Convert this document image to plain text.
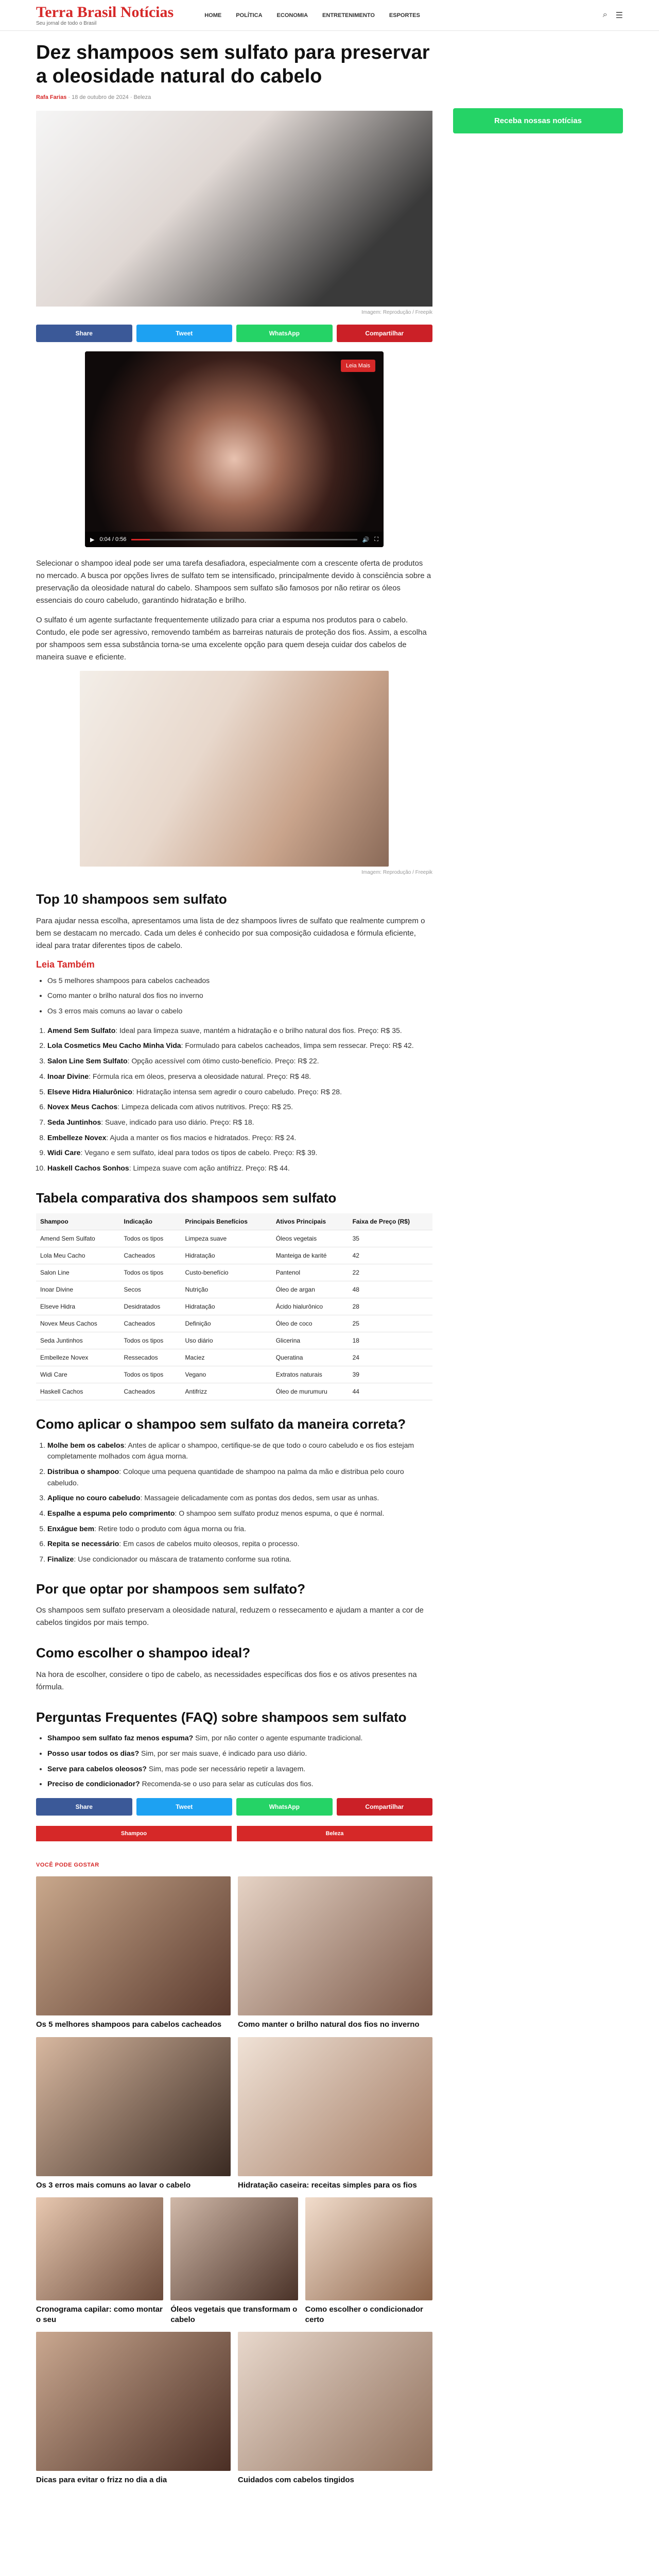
Terra Brasil Notícias
Seu jornal de todo o Brasil
HOME	POLÍTICA	ECONOMIA	ENTRETENIMENTO	ESPORTES	⌕ ☰
Dez shampoos sem sulfato para preservar a oleosidade natural do cabelo
Rafa Farias · 18 de outubro de 2024 · Beleza
Imagem: Reprodução / Freepik
Share	Tweet	WhatsApp	Compartilhar
Leia Mais
▶ 0:04 / 0:56	🔊 ⛶

Selecionar o shampoo ideal pode ser uma tarefa desafiadora, especialmente com a crescente oferta de produtos no mercado. A busca por opções livres de sulfato tem se intensificado, principalmente devido à consciência sobre a preservação da oleosidade natural do cabelo. Shampoos sem sulfato são famosos por não retirar os óleos essenciais do couro cabeludo, garantindo hidratação e brilho.

O sulfato é um agente surfactante frequentemente utilizado para criar a espuma nos produtos para o cabelo. Contudo, ele pode ser agressivo, removendo também as barreiras naturais de proteção dos fios. Assim, a escolha por shampoos sem essa substância torna-se uma excelente opção para quem deseja cuidar dos cabelos de maneira suave e eficiente.

Imagem: Reprodução / Freepik
Top 10 shampoos sem sulfato

Para ajudar nessa escolha, apresentamos uma lista de dez shampoos livres de sulfato que realmente cumprem o bem se destacam no mercado. Cada um deles é conhecido por sua composição cuidadosa e fórmula eficiente, ideal para tratar diferentes tipos de cabelo.

Leia Também
• Os 5 melhores shampoos para cabelos cacheados
• Como manter o brilho natural dos fios no inverno
• Os 3 erros mais comuns ao lavar o cabelo
1. Amend Sem Sulfato: Ideal para limpeza suave, mantém a hidratação e o brilho natural dos fios. Preço: R$ 35.
2. Lola Cosmetics Meu Cacho Minha Vida: Formulado para cabelos cacheados, limpa sem ressecar. Preço: R$ 42.
3. Salon Line Sem Sulfato: Opção acessível com ótimo custo-benefício. Preço: R$ 22.
4. Inoar Divine: Fórmula rica em óleos, preserva a oleosidade natural. Preço: R$ 48.
5. Elseve Hidra Hialurônico: Hidratação intensa sem agredir o couro cabeludo. Preço: R$ 28.
6. Novex Meus Cachos: Limpeza delicada com ativos nutritivos. Preço: R$ 25.
7. Seda Juntinhos: Suave, indicado para uso diário. Preço: R$ 18.
8. Embelleze Novex: Ajuda a manter os fios macios e hidratados. Preço: R$ 24.
9. Widi Care: Vegano e sem sulfato, ideal para todos os tipos de cabelo. Preço: R$ 39.
10. Haskell Cachos Sonhos: Limpeza suave com ação antifrizz. Preço: R$ 44.
Tabela comparativa dos shampoos sem sulfato
Shampoo	Indicação	Principais Benefícios	Ativos Principais	Faixa de Preço (R$)
Amend Sem Sulfato	Todos os tipos	Limpeza suave	Óleos vegetais	35
Lola Meu Cacho	Cacheados	Hidratação	Manteiga de karité	42
Salon Line	Todos os tipos	Custo-benefício	Pantenol	22
Inoar Divine	Secos	Nutrição	Óleo de argan	48
Elseve Hidra	Desidratados	Hidratação	Ácido hialurônico	28
Novex Meus Cachos	Cacheados	Definição	Óleo de coco	25
Seda Juntinhos	Todos os tipos	Uso diário	Glicerina	18
Embelleze Novex	Ressecados	Maciez	Queratina	24
Widi Care	Todos os tipos	Vegano	Extratos naturais	39
Haskell Cachos	Cacheados	Antifrizz	Óleo de murumuru	44
Como aplicar o shampoo sem sulfato da maneira correta?
1. Molhe bem os cabelos: Antes de aplicar o shampoo, certifique-se de que todo o couro cabeludo e os fios estejam completamente molhados com água morna.
2. Distribua o shampoo: Coloque uma pequena quantidade de shampoo na palma da mão e distribua pelo couro cabeludo.
3. Aplique no couro cabeludo: Massageie delicadamente com as pontas dos dedos, sem usar as unhas.
4. Espalhe a espuma pelo comprimento: O shampoo sem sulfato produz menos espuma, o que é normal.
5. Enxágue bem: Retire todo o produto com água morna ou fria.
6. Repita se necessário: Em casos de cabelos muito oleosos, repita o processo.
7. Finalize: Use condicionador ou máscara de tratamento conforme sua rotina.
Por que optar por shampoos sem sulfato?

Os shampoos sem sulfato preservam a oleosidade natural, reduzem o ressecamento e ajudam a manter a cor de cabelos tingidos por mais tempo.

Como escolher o shampoo ideal?

Na hora de escolher, considere o tipo de cabelo, as necessidades específicas dos fios e os ativos presentes na fórmula.

Perguntas Frequentes (FAQ) sobre shampoos sem sulfato
• Shampoo sem sulfato faz menos espuma? Sim, por não conter o agente espumante tradicional.
• Posso usar todos os dias? Sim, por ser mais suave, é indicado para uso diário.
• Serve para cabelos oleosos? Sim, mas pode ser necessário repetir a lavagem.
• Preciso de condicionador? Recomenda-se o uso para selar as cutículas dos fios.
Share	Tweet	WhatsApp	Compartilhar
Shampoo	Beleza
VOCÊ PODE GOSTAR
Os 5 melhores shampoos para cabelos cacheados	Como manter o brilho natural dos fios no inverno
Os 3 erros mais comuns ao lavar o cabelo	Hidratação caseira: receitas simples para os fios
Cronograma capilar: como montar o seu
Óleos vegetais que transformam o cabelo
Como escolher o condicionador certo
Dicas para evitar o frizz no dia a dia	Cuidados com cabelos tingidos
Receba nossas notícias
